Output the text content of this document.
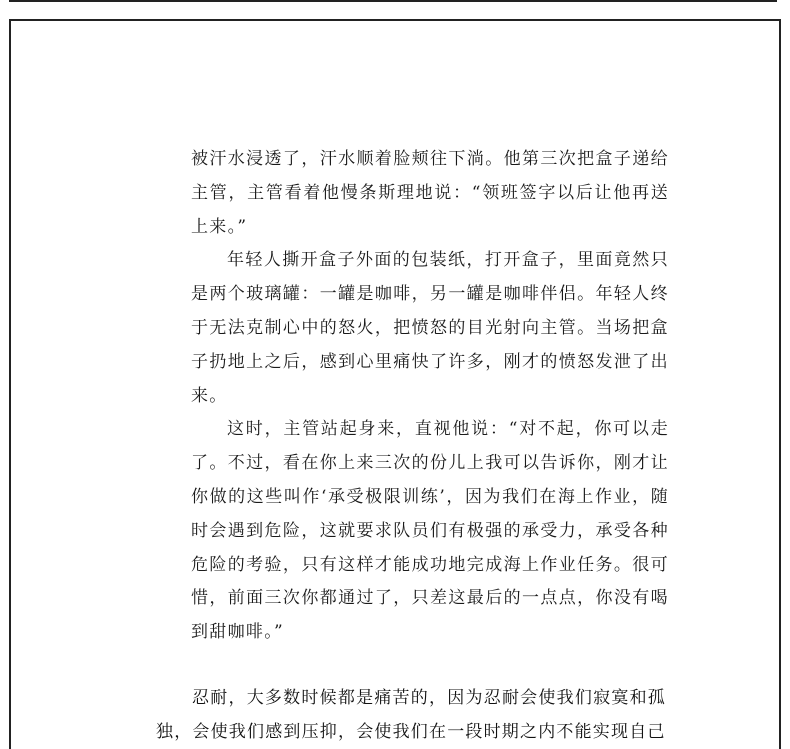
被汗水浸透了，汗水顺着脸颊往下淌。他第三次把盒子递给主管，主管看着他慢条斯理地说：“领班签字以后让他再送上来。”

年轻人撕开盒子外面的包装纸，打开盒子，里面竟然只是两个玻璃罐：一罐是咖啡，另一罐是咖啡伴侣。年轻人终于无法克制心中的怒火，把愤怒的目光射向主管。当场把盒子扔地上之后，感到心里痛快了许多，刚才的愤怒发泄了出来。

这时，主管站起身来，直视他说：“对不起，你可以走了。不过，看在你上来三次的份儿上我可以告诉你，刚才让你做的这些叫作‘承受极限训练’，因为我们在海上作业，随时会遇到危险，这就要求队员们有极强的承受力，承受各种危险的考验，只有这样才能成功地完成海上作业任务。很可惜，前面三次你都通过了，只差这最后的一点点，你没有喝到甜咖啡。”

忍耐，大多数时候都是痛苦的，因为忍耐会使我们寂寞和孤独，会使我们感到压抑，会使我们在一段时期之内不能实现自己
